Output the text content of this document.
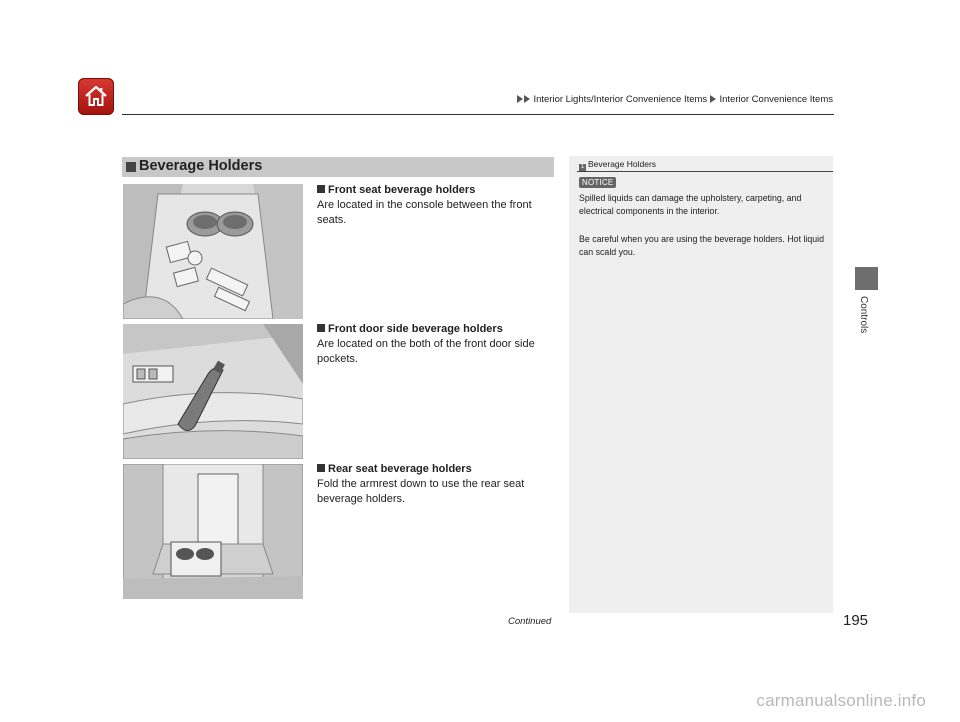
Interior Lights/Interior Convenience Items Interior Convenience Items
Beverage Holders
Front seat beverage holders
Are located in the console between the front seats.
Front door side beverage holders
Are located on the both of the front door side pockets.
Rear seat beverage holders
Fold the armrest down to use the rear seat beverage holders.
1 Beverage Holders
NOTICE
Spilled liquids can damage the upholstery, carpeting, and electrical components in the interior.
Be careful when you are using the beverage holders. Hot liquid can scald you.
Controls
Continued	195
carmanualsonline.info
